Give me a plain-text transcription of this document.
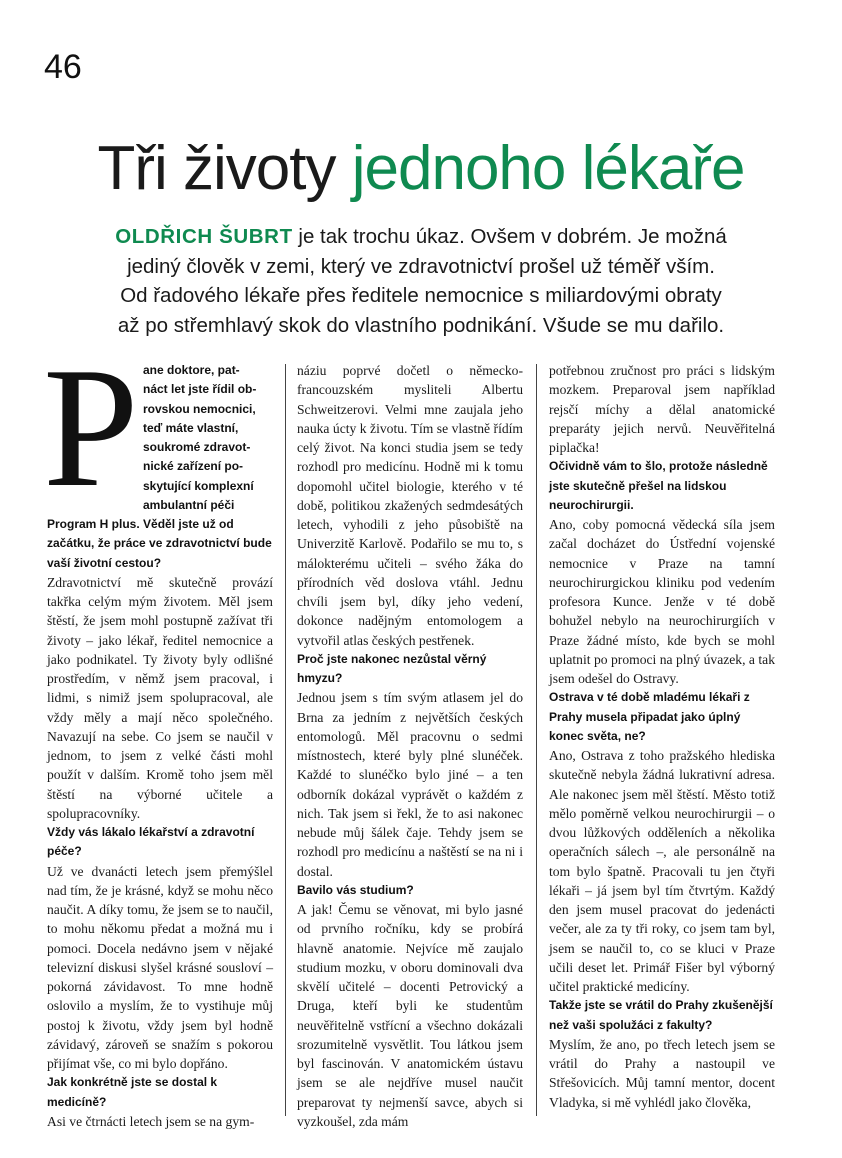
46
Tři životy jednoho lékaře
OLDŘICH ŠUBRT je tak trochu úkaz. Ovšem v dobrém. Je možná
jediný člověk v zemi, který ve zdravotnictví prošel už téměř vším.
Od řadového lékaře přes ředitele nemocnice s miliardovými obraty
až po střemhlavý skok do vlastního podnikání. Všude se mu dařilo.
P ane doktore, pat-

náct let jste řídil ob-

rovskou nemocnici,

teď máte vlastní,

soukromé zdravot-

nické zařízení po-

skytující komplexní

ambulantní péči

Program H plus. Věděl jste už od začátku, že práce ve zdravotnictví bude vaší životní cestou?

Zdravotnictví mě skutečně provází takřka celým mým životem. Měl jsem štěstí, že jsem mohl postupně zažívat tři životy – jako lékař, ředitel nemocnice a jako podnikatel. Ty životy byly odlišné prostředím, v němž jsem pracoval, i lidmi, s nimiž jsem spolupracoval, ale vždy měly a mají něco společného. Navazují na sebe. Co jsem se naučil v jednom, to jsem z velké části mohl použít v dalším. Kromě toho jsem měl štěstí na výborné učitele a spolupracovníky.

Vždy vás lákalo lékařství a zdravotní péče?

Už ve dvanácti letech jsem přemýšlel nad tím, že je krásné, když se mohu něco naučit. A díky tomu, že jsem se to naučil, to mohu někomu předat a možná mu i pomoci. Docela nedávno jsem v nějaké televizní diskusi slyšel krásné sousloví – pokorná závidavost. To mne hodně oslovilo a myslím, že to vystihuje můj postoj k životu, vždy jsem byl hodně závidavý, zároveň se snažím s pokorou přijímat vše, co mi bylo dopřáno.

Jak konkrétně jste se dostal k medicíně?

Asi ve čtrnácti letech jsem se na gym-

náziu poprvé dočetl o německo-francouzském mysliteli Albertu Schweitzerovi. Velmi mne zaujala jeho nauka úcty k životu. Tím se vlastně řídím celý život. Na konci studia jsem se tedy rozhodl pro medicínu. Hodně mi k tomu dopomohl učitel biologie, kterého v té době, politikou zkažených sedmdesátých letech, vyhodili z jeho působiště na Univerzitě Karlově. Podařilo se mu to, s málokterému učiteli – svého žáka do přírodních věd doslova vtáhl. Jednu chvíli jsem byl, díky jeho vedení, dokonce nadějným entomologem a vytvořil atlas českých pestřenek.

Proč jste nakonec nezůstal věrný hmyzu?

Jednou jsem s tím svým atlasem jel do Brna za jedním z největších českých entomologů. Měl pracovnu o sedmi místnostech, které byly plné slunéček. Každé to slunéčko bylo jiné – a ten odborník dokázal vyprávět o každém z nich. Tak jsem si řekl, že to asi nakonec nebude můj šálek čaje. Tehdy jsem se rozhodl pro medicínu a naštěstí se na ni i dostal.

Bavilo vás studium?

A jak! Čemu se věnovat, mi bylo jasné od prvního ročníku, kdy se probírá hlavně anatomie. Nejvíce mě zaujalo studium mozku, v oboru dominovali dva skvělí učitelé – docenti Petrovický a Druga, kteří byli ke studentům neuvěřitelně vstřícní a všechno dokázali srozumitelně vysvětlit. Tou látkou jsem byl fascinován. V anatomickém ústavu jsem se ale nejdříve musel naučit preparovat ty nejmenší savce, abych si vyzkoušel, zda mám

potřebnou zručnost pro práci s lidským mozkem. Preparoval jsem například rejsčí míchy a dělal anatomické preparáty jejich nervů. Neuvěřitelná piplačka!

Očividně vám to šlo, protože následně jste skutečně přešel na lidskou neurochirurgii.

Ano, coby pomocná vědecká síla jsem začal docházet do Ústřední vojenské nemocnice v Praze na tamní neurochirurgickou kliniku pod vedením profesora Kunce. Jenže v té době bohužel nebylo na neurochirurgiích v Praze žádné místo, kde bych se mohl uplatnit po promoci na plný úvazek, a tak jsem odešel do Ostravy.

Ostrava v té době mladému lékaři z Prahy musela připadat jako úplný konec světa, ne?

Ano, Ostrava z toho pražského hlediska skutečně nebyla žádná lukrativní adresa. Ale nakonec jsem měl štěstí. Město totiž mělo poměrně velkou neurochirurgii – o dvou lůžkových odděleních a několika operačních sálech –, ale personálně na tom bylo špatně. Pracovali tu jen čtyři lékaři – já jsem byl tím čtvrtým. Každý den jsem musel pracovat do jedenácti večer, ale za ty tři roky, co jsem tam byl, jsem se naučil to, co se kluci v Praze učili deset let. Primář Fišer byl výborný učitel praktické medicíny.

Takže jste se vrátil do Prahy zkušenější než vaši spolužáci z fakulty?

Myslím, že ano, po třech letech jsem se vrátil do Prahy a nastoupil ve Střešovicích. Můj tamní mentor, docent Vladyka, si mě vyhlédl jako člověka,
